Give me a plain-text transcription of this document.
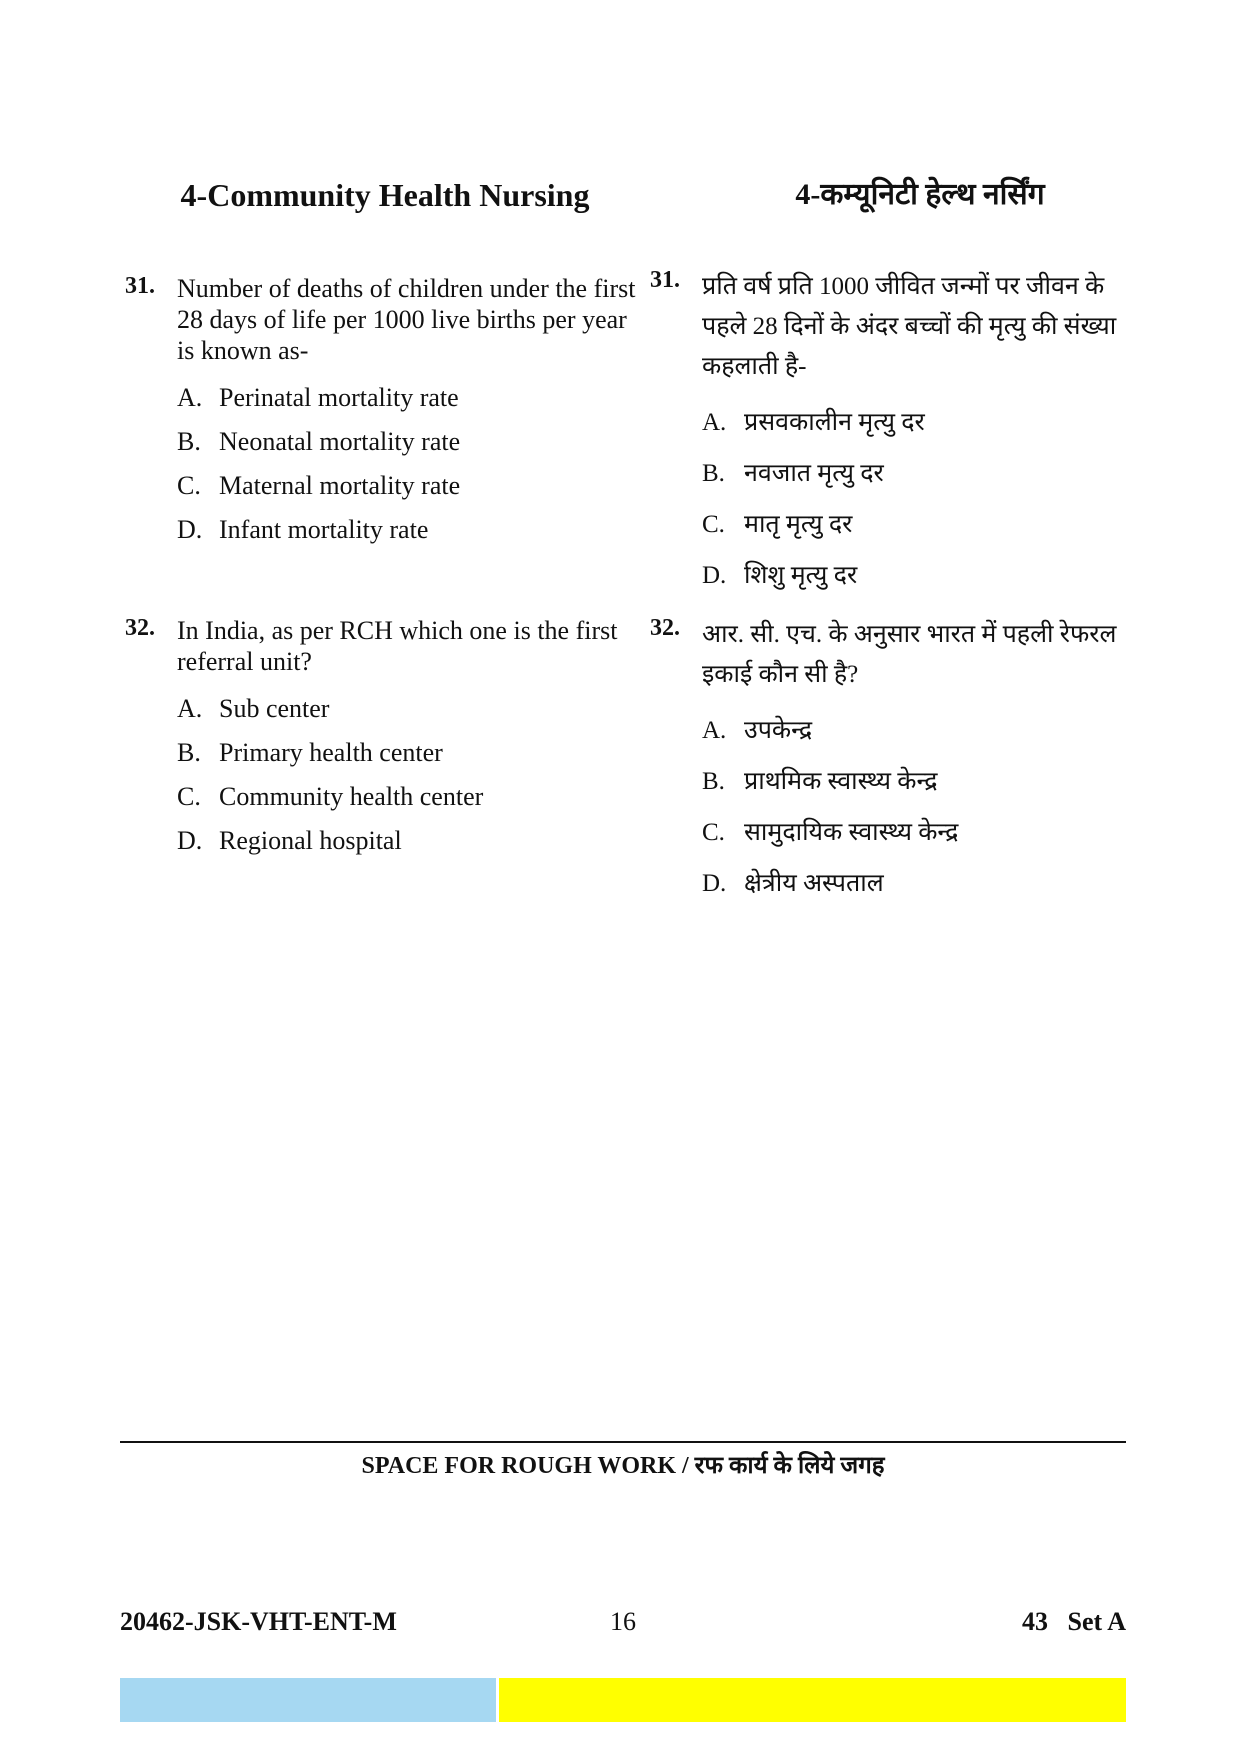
4-Community Health Nursing
31. Number of deaths of children under the first 28 days of life per 1000 live births per year is known as-
A. Perinatal mortality rate
B. Neonatal mortality rate
C. Maternal mortality rate
D. Infant mortality rate
32. In India, as per RCH which one is the first referral unit?
A. Sub center
B. Primary health center
C. Community health center
D. Regional hospital
4-कम्यूनिटी हेल्थ नर्सिंग
31. प्रति वर्ष प्रति 1000 जीवित जन्मों पर जीवन के पहले 28 दिनों के अंदर बच्चों की मृत्यु की संख्या कहलाती है-
A. प्रसवकालीन मृत्यु दर
B. नवजात मृत्यु दर
C. मातृ मृत्यु दर
D. शिशु मृत्यु दर
32. आर. सी. एच. के अनुसार भारत में पहली रेफरल इकाई कौन सी है?
A. उपकेन्द्र
B. प्राथमिक स्वास्थ्य केन्द्र
C. सामुदायिक स्वास्थ्य केन्द्र
D. क्षेत्रीय अस्पताल
SPACE FOR ROUGH WORK / रफ कार्य के लिये जगह
20462-JSK-VHT-ENT-M	16	43   Set A
